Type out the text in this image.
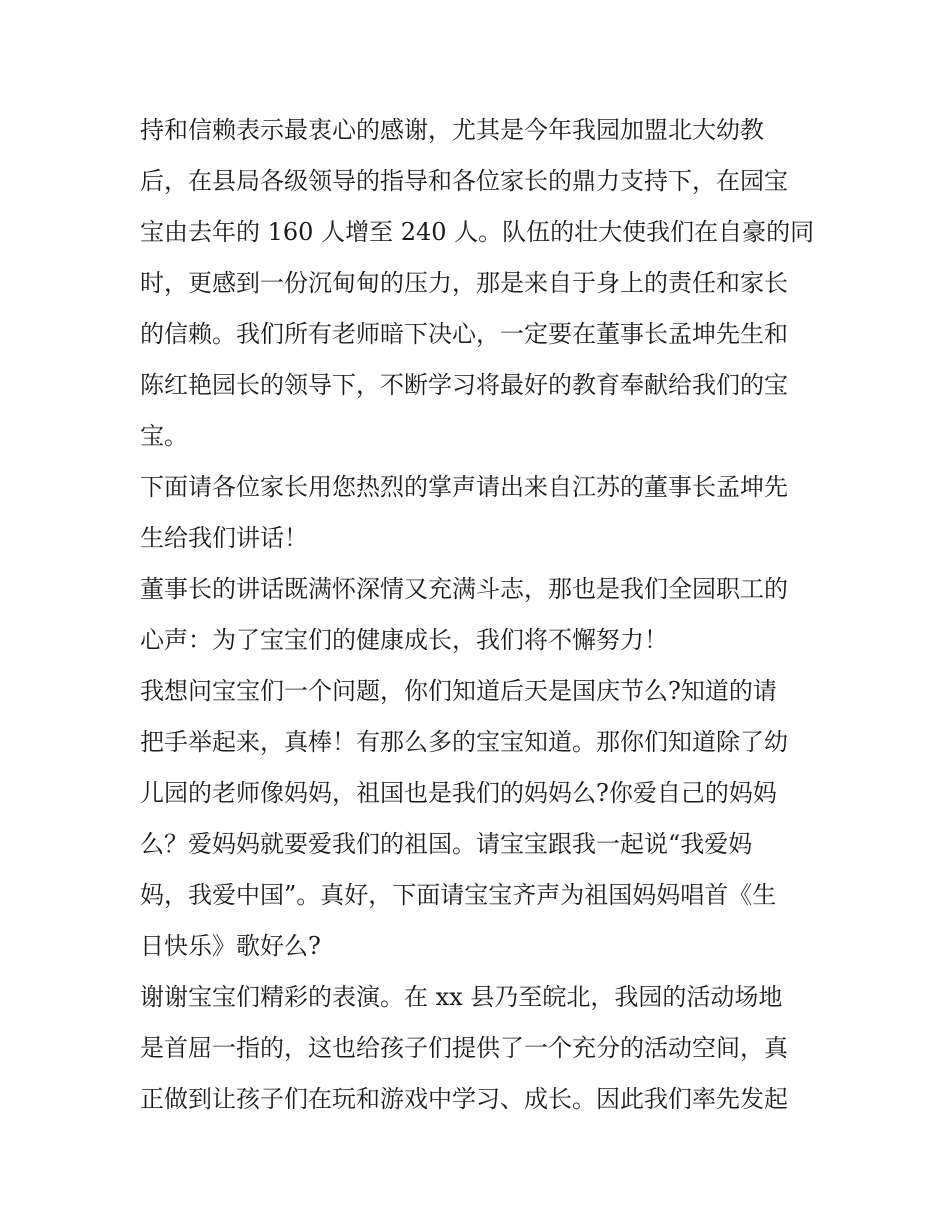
持和信赖表示最衷心的感谢，尤其是今年我园加盟北大幼教
后，在县局各级领导的指导和各位家长的鼎力支持下，在园宝
宝由去年的 160 人增至 240 人。队伍的壮大使我们在自豪的同
时，更感到一份沉甸甸的压力，那是来自于身上的责任和家长
的信赖。我们所有老师暗下决心，一定要在董事长孟坤先生和
陈红艳园长的领导下，不断学习将最好的教育奉献给我们的宝
宝。
下面请各位家长用您热烈的掌声请出来自江苏的董事长孟坤先
生给我们讲话！
董事长的讲话既满怀深情又充满斗志，那也是我们全园职工的
心声：为了宝宝们的健康成长，我们将不懈努力！
我想问宝宝们一个问题，你们知道后天是国庆节么?知道的请
把手举起来，真棒！有那么多的宝宝知道。那你们知道除了幼
儿园的老师像妈妈，祖国也是我们的妈妈么?你爱自己的妈妈
么？爱妈妈就要爱我们的祖国。请宝宝跟我一起说“我爱妈
妈，我爱中国”。真好，下面请宝宝齐声为祖国妈妈唱首《生
日快乐》歌好么?
谢谢宝宝们精彩的表演。在 xx 县乃至皖北，我园的活动场地
是首屈一指的，这也给孩子们提供了一个充分的活动空间，真
正做到让孩子们在玩和游戏中学习、成长。因此我们率先发起
